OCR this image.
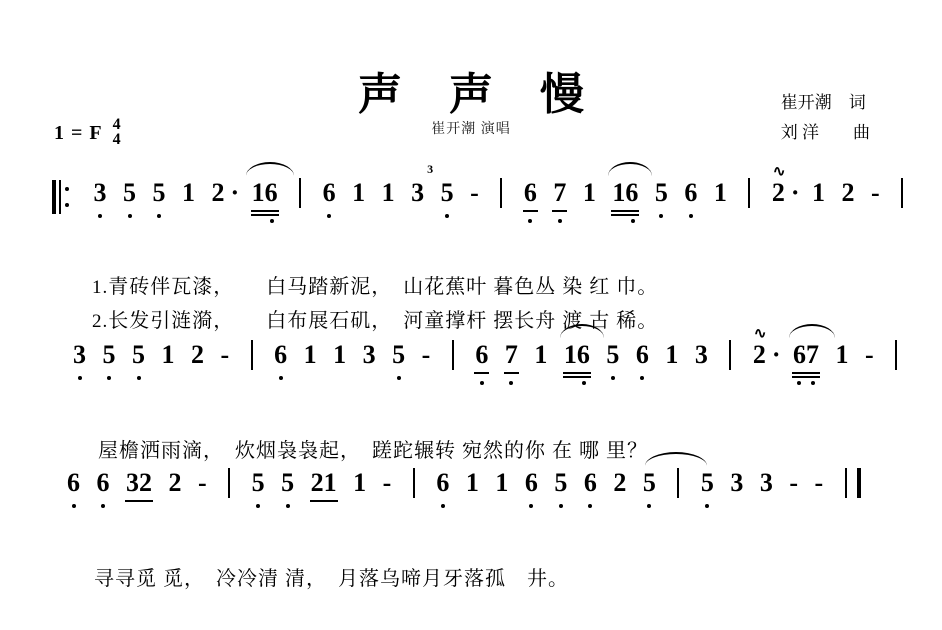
声 声 慢
崔开潮 演唱
崔开潮　词
刘 洋　　曲
1 = F 4
4
3 5 5 1 2 · 16 6 1 1 3
3
5 - 6 7 1 16 5 6 1 2
∿
· 1 2 -

1.青砖伴瓦漆，　　白马踏新泥，　山花蕉叶 暮色丛 染 红 巾。

2.长发引涟漪，　　白布展石矶，　河童撑杆 摆长舟 渡 古 稀。

3 5 5 1 2 - 6 1 1 3 5 - 6 7 1 16 5 6 1 3 2
∿
· 67 1 -

屋檐洒雨滴，　炊烟袅袅起，　蹉跎辗转 宛然的你 在 哪 里？

6 6 32 2 - 5 5 21 1 - 6 1 1 6 5 6 2 5 5 3 3 - -

寻寻觅 觅，　冷冷清 清，　月落乌啼月牙落孤　井。
